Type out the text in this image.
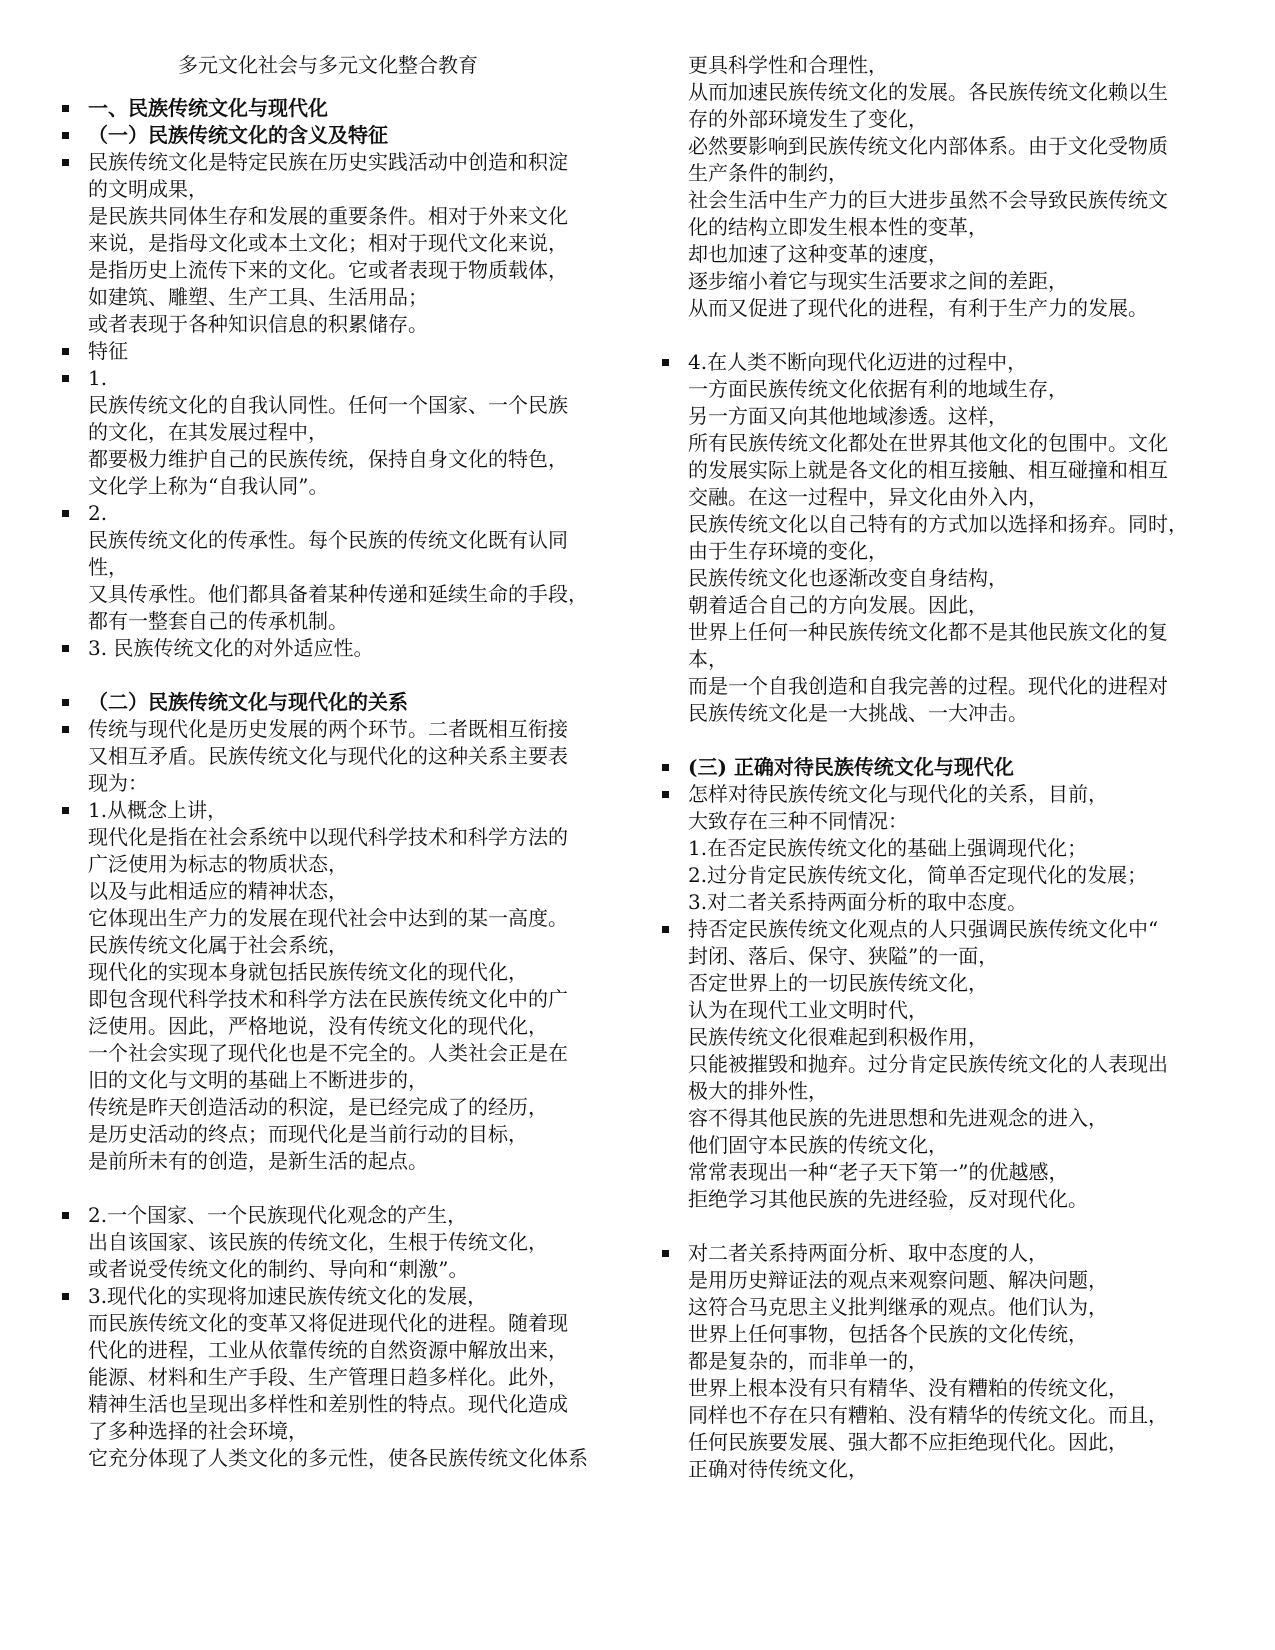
多元文化社会与多元文化整合教育
一、民族传统文化与现代化
（一）民族传统文化的含义及特征
民族传统文化是特定民族在历史实践活动中创造和积淀
的文明成果，
是民族共同体生存和发展的重要条件。相对于外来文化
来说，是指母文化或本土文化；相对于现代文化来说，
是指历史上流传下来的文化。它或者表现于物质载体，
如建筑、雕塑、生产工具、生活用品；
或者表现于各种知识信息的积累储存。
特征
1.
民族传统文化的自我认同性。任何一个国家、一个民族
的文化，在其发展过程中，
都要极力维护自己的民族传统，保持自身文化的特色，
文化学上称为“自我认同”。
2.
民族传统文化的传承性。每个民族的传统文化既有认同
性，
又具传承性。他们都具备着某种传递和延续生命的手段，
都有一整套自己的传承机制。
3. 民族传统文化的对外适应性。
（二）民族传统文化与现代化的关系
传统与现代化是历史发展的两个环节。二者既相互衔接
又相互矛盾。民族传统文化与现代化的这种关系主要表
现为：
1.从概念上讲，
现代化是指在社会系统中以现代科学技术和科学方法的
广泛使用为标志的物质状态，
以及与此相适应的精神状态，
它体现出生产力的发展在现代社会中达到的某一高度。
民族传统文化属于社会系统，
现代化的实现本身就包括民族传统文化的现代化，
即包含现代科学技术和科学方法在民族传统文化中的广
泛使用。因此，严格地说，没有传统文化的现代化，
一个社会实现了现代化也是不完全的。人类社会正是在
旧的文化与文明的基础上不断进步的，
传统是昨天创造活动的积淀，是已经完成了的经历，
是历史活动的终点；而现代化是当前行动的目标，
是前所未有的创造，是新生活的起点。
2.一个国家、一个民族现代化观念的产生，
出自该国家、该民族的传统文化，生根于传统文化，
或者说受传统文化的制约、导向和“刺激”。
3.现代化的实现将加速民族传统文化的发展，
而民族传统文化的变革又将促进现代化的进程。随着现
代化的进程，工业从依靠传统的自然资源中解放出来，
能源、材料和生产手段、生产管理日趋多样化。此外，
精神生活也呈现出多样性和差别性的特点。现代化造成
了多种选择的社会环境，
它充分体现了人类文化的多元性，使各民族传统文化体系
更具科学性和合理性，
从而加速民族传统文化的发展。各民族传统文化赖以生
存的外部环境发生了变化，
必然要影响到民族传统文化内部体系。由于文化受物质
生产条件的制约，
社会生活中生产力的巨大进步虽然不会导致民族传统文
化的结构立即发生根本性的变革，
却也加速了这种变革的速度，
逐步缩小着它与现实生活要求之间的差距，
从而又促进了现代化的进程，有利于生产力的发展。
4.在人类不断向现代化迈进的过程中，
一方面民族传统文化依据有利的地域生存，
另一方面又向其他地域渗透。这样，
所有民族传统文化都处在世界其他文化的包围中。文化
的发展实际上就是各文化的相互接触、相互碰撞和相互
交融。在这一过程中，异文化由外入内，
民族传统文化以自己特有的方式加以选择和扬弃。同时，
由于生存环境的变化，
民族传统文化也逐渐改变自身结构，
朝着适合自己的方向发展。因此，
世界上任何一种民族传统文化都不是其他民族文化的复
本，
而是一个自我创造和自我完善的过程。现代化的进程对
民族传统文化是一大挑战、一大冲击。
(三) 正确对待民族传统文化与现代化
怎样对待民族传统文化与现代化的关系，目前，
大致存在三种不同情况：
1.在否定民族传统文化的基础上强调现代化；
2.过分肯定民族传统文化，简单否定现代化的发展；
3.对二者关系持两面分析的取中态度。
持否定民族传统文化观点的人只强调民族传统文化中“
封闭、落后、保守、狭隘”的一面，
否定世界上的一切民族传统文化，
认为在现代工业文明时代，
民族传统文化很难起到积极作用，
只能被摧毁和抛弃。过分肯定民族传统文化的人表现出
极大的排外性，
容不得其他民族的先进思想和先进观念的进入，
他们固守本民族的传统文化，
常常表现出一种“老子天下第一”的优越感，
拒绝学习其他民族的先进经验，反对现代化。
对二者关系持两面分析、取中态度的人，
是用历史辩证法的观点来观察问题、解决问题，
这符合马克思主义批判继承的观点。他们认为，
世界上任何事物，包括各个民族的文化传统，
都是复杂的，而非单一的，
世界上根本没有只有精华、没有糟粕的传统文化，
同样也不存在只有糟粕、没有精华的传统文化。而且，
任何民族要发展、强大都不应拒绝现代化。因此，
正确对待传统文化，
